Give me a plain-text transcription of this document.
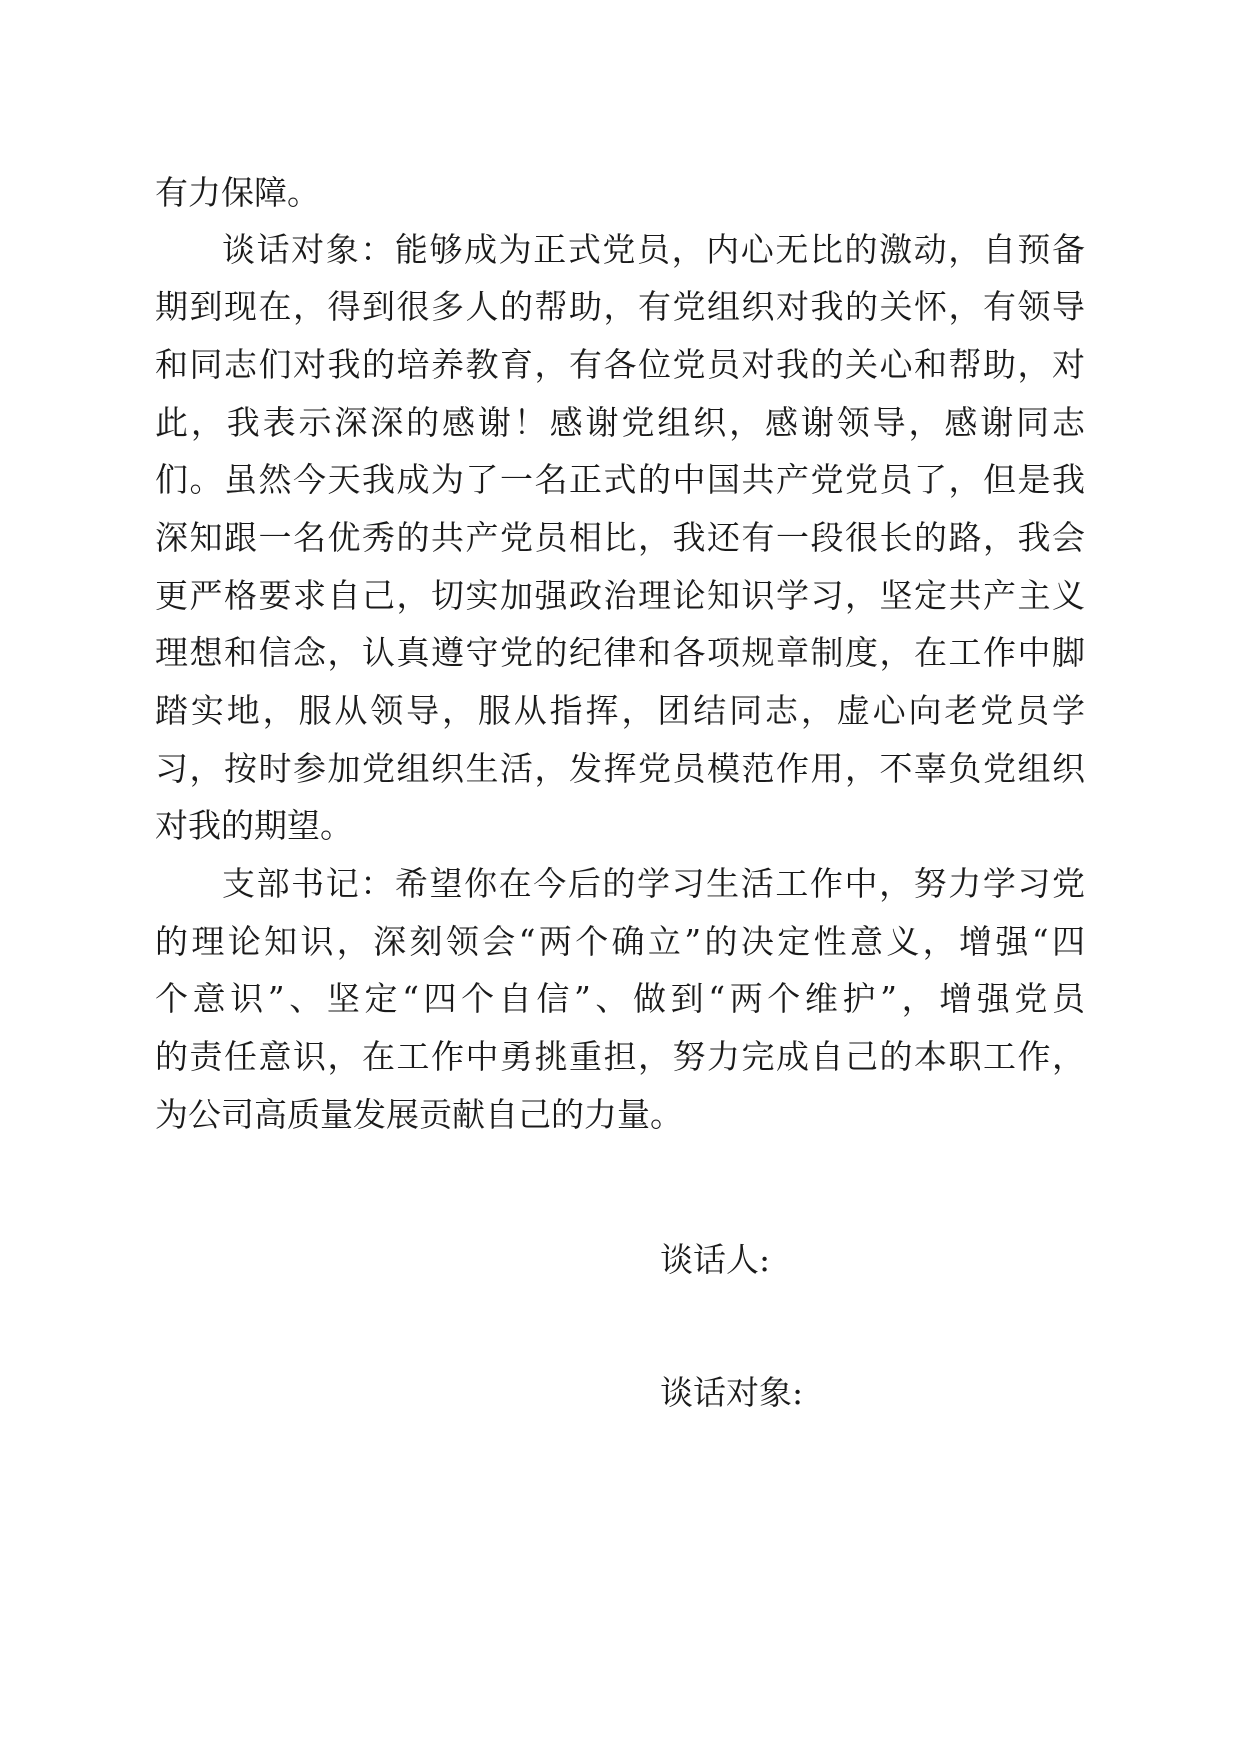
有力保障。
谈话对象：能够成为正式党员，内心无比的激动，自预备
期到现在，得到很多人的帮助，有党组织对我的关怀，有领导
和同志们对我的培养教育，有各位党员对我的关心和帮助，对
此，我表示深深的感谢！感谢党组织，感谢领导，感谢同志
们。虽然今天我成为了一名正式的中国共产党党员了，但是我
深知跟一名优秀的共产党员相比，我还有一段很长的路，我会
更严格要求自己，切实加强政治理论知识学习，坚定共产主义
理想和信念，认真遵守党的纪律和各项规章制度，在工作中脚
踏实地，服从领导，服从指挥，团结同志，虚心向老党员学
习，按时参加党组织生活，发挥党员模范作用，不辜负党组织
对我的期望。
支部书记：希望你在今后的学习生活工作中，努力学习党
的理论知识，深刻领会“两个确立”的决定性意义，增强“四
个意识”、坚定“四个自信”、做到“两个维护”，增强党员
的责任意识，在工作中勇挑重担，努力完成自己的本职工作，
为公司高质量发展贡献自己的力量。
谈话人:
谈话对象:
